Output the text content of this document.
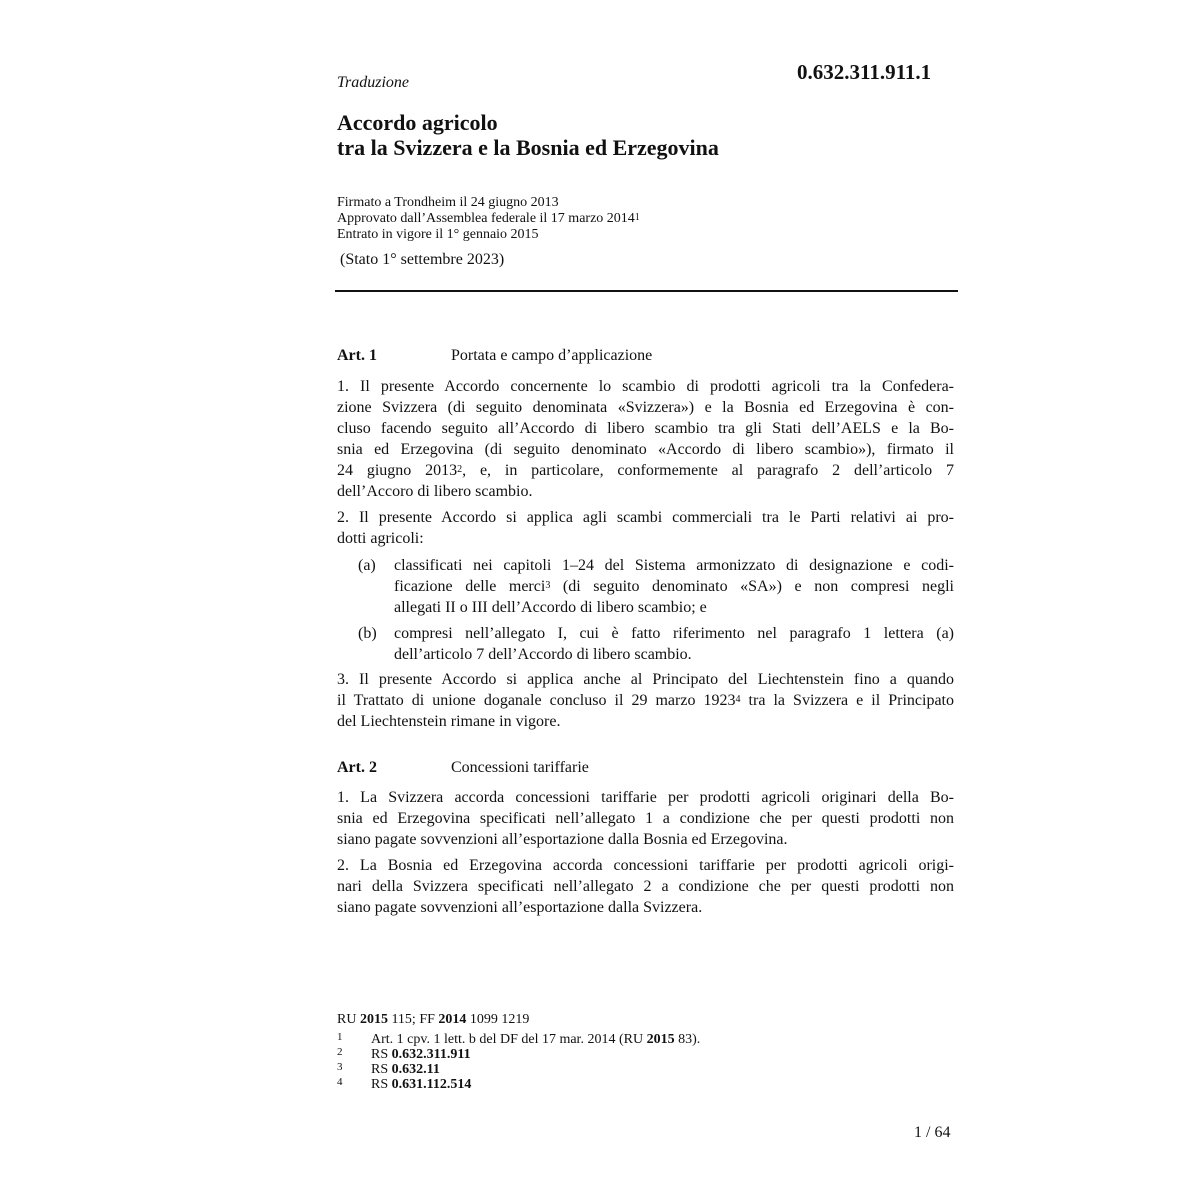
0.632.311.911.1
Traduzione
Accordo agricolo
tra la Svizzera e la Bosnia ed Erzegovina
Firmato a Trondheim il 24 giugno 2013
Approvato dall’Assemblea federale il 17 marzo 2014$^1$
Entrato in vigore il 1° gennaio 2015
(Stato 1° settembre 2023)
Art. 1	Portata e campo d’applicazione
1. Il presente Accordo concernente lo scambio di prodotti agricoli tra la Confedera-
zione Svizzera (di seguito denominata «Svizzera») e la Bosnia ed Erzegovina è con-
cluso facendo seguito all’Accordo di libero scambio tra gli Stati dell’AELS e la Bo-
snia ed Erzegovina (di seguito denominato «Accordo di libero scambio»), firmato il
24 giugno 2013$^2$, e, in particolare, conformemente al paragrafo 2 dell’articolo 7
dell’Accoro di libero scambio.
2. Il presente Accordo si applica agli scambi commerciali tra le Parti relativi ai pro-
dotti agricoli:
(a) classificati nei capitoli 1–24 del Sistema armonizzato di designazione e codi-
ficazione delle merci$^3$ (di seguito denominato «SA») e non compresi negli
allegati II o III dell’Accordo di libero scambio; e
(b) compresi nell’allegato I, cui è fatto riferimento nel paragrafo 1 lettera (a)
dell’articolo 7 dell’Accordo di libero scambio.
3. Il presente Accordo si applica anche al Principato del Liechtenstein fino a quando
il Trattato di unione doganale concluso il 29 marzo 1923$^4$ tra la Svizzera e il Principato
del Liechtenstein rimane in vigore.
Art. 2	Concessioni tariffarie
1. La Svizzera accorda concessioni tariffarie per prodotti agricoli originari della Bo-
snia ed Erzegovina specificati nell’allegato 1 a condizione che per questi prodotti non
siano pagate sovvenzioni all’esportazione dalla Bosnia ed Erzegovina.
2. La Bosnia ed Erzegovina accorda concessioni tariffarie per prodotti agricoli origi-
nari della Svizzera specificati nell’allegato 2 a condizione che per questi prodotti non
siano pagate sovvenzioni all’esportazione dalla Svizzera.
RU 2015 115; FF 2014 1099 1219
1 Art. 1 cpv. 1 lett. b del DF del 17 mar. 2014 (RU 2015 83).
2 RS 0.632.311.911
3 RS 0.632.11
4 RS 0.631.112.514
1 / 64
